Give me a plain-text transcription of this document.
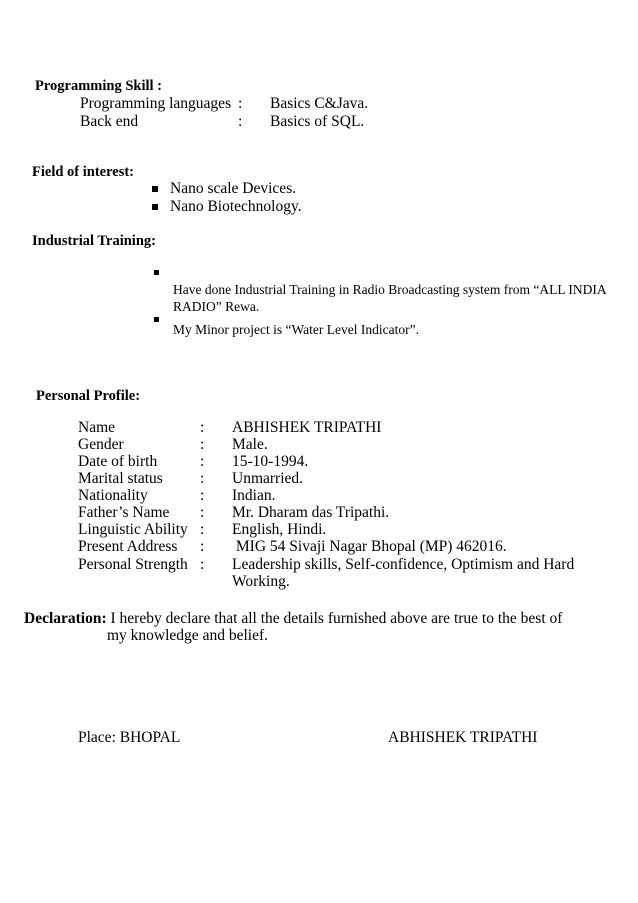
Programming Skill :
Programming languages : Basics C&Java.
Back end	: Basics of SQL.
Field of interest:
Nano scale Devices.
Nano Biotechnology.
Industrial Training:
Have done Industrial Training in Radio Broadcasting system from “ALL INDIA
RADIO” Rewa.
My Minor project is “Water Level Indicator”.
Personal Profile:
Name	: ABHISHEK TRIPATHI
Gender	: Male.
Date of birth	: 15-10-1994.
Marital status : Unmarried.
Nationality	: Indian.
Father’s Name : Mr. Dharam das Tripathi.
Linguistic Ability : English, Hindi.
Present Address : MIG 54 Sivaji Nagar Bhopal (MP) 462016.
Personal Strength : Leadership skills, Self-confidence, Optimism and Hard
Working.
Declaration: I hereby declare that all the details furnished above are true to the best of
my knowledge and belief.
Place: BHOPAL	ABHISHEK TRIPATHI
